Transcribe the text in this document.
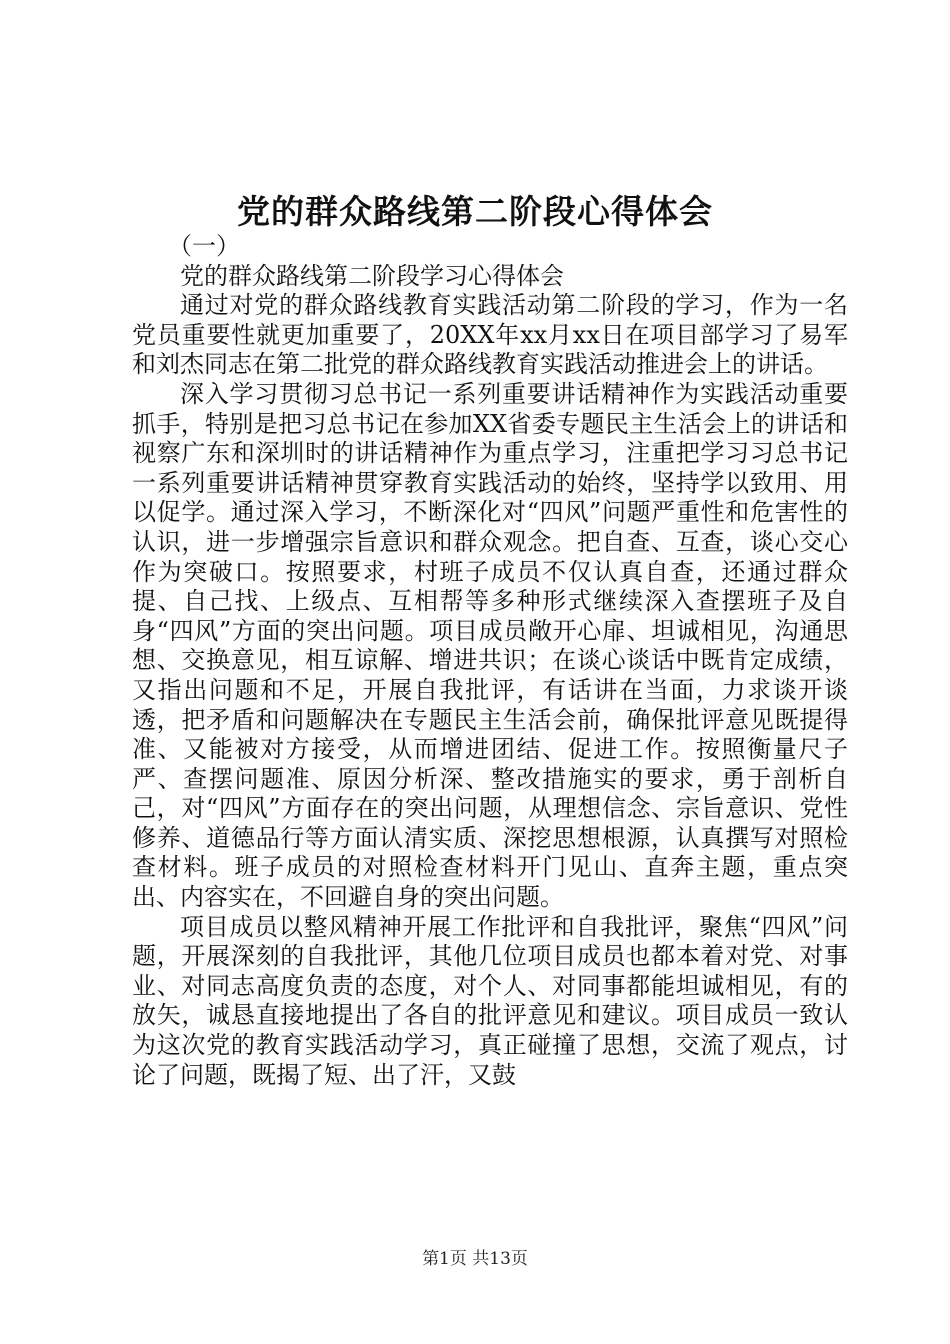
党的群众路线第二阶段心得体会

（一）

党的群众路线第二阶段学习心得体会

通过对党的群众路线教育实践活动第二阶段的学习，作为一名党员重要性就更加重要了，20XX年xx月xx日在项目部学习了易军和刘杰同志在第二批党的群众路线教育实践活动推进会上的讲话。

深入学习贯彻习总书记一系列重要讲话精神作为实践活动重要抓手，特别是把习总书记在参加XX省委专题民主生活会上的讲话和视察广东和深圳时的讲话精神作为重点学习，注重把学习习总书记一系列重要讲话精神贯穿教育实践活动的始终，坚持学以致用、用以促学。通过深入学习，不断深化对“四风”问题严重性和危害性的认识，进一步增强宗旨意识和群众观念。把自查、互查，谈心交心作为突破口。按照要求，村班子成员不仅认真自查，还通过群众提、自己找、上级点、互相帮等多种形式继续深入查摆班子及自身“四风”方面的突出问题。项目成员敞开心扉、坦诚相见，沟通思想、交换意见，相互谅解、增进共识；在谈心谈话中既肯定成绩，又指出问题和不足，开展自我批评，有话讲在当面，力求谈开谈透，把矛盾和问题解决在专题民主生活会前，确保批评意见既提得准、又能被对方接受，从而增进团结、促进工作。按照衡量尺子严、查摆问题准、原因分析深、整改措施实的要求，勇于剖析自己，对“四风”方面存在的突出问题，从理想信念、宗旨意识、党性修养、道德品行等方面认清实质、深挖思想根源，认真撰写对照检查材料。班子成员的对照检查材料开门见山、直奔主题，重点突出、内容实在，不回避自身的突出问题。

项目成员以整风精神开展工作批评和自我批评，聚焦“四风”问题，开展深刻的自我批评，其他几位项目成员也都本着对党、对事业、对同志高度负责的态度，对个人、对同事都能坦诚相见，有的放矢，诚恳直接地提出了各自的批评意见和建议。项目成员一致认为这次党的教育实践活动学习，真正碰撞了思想，交流了观点，讨论了问题，既揭了短、出了汗，又鼓

第1页 共13页
